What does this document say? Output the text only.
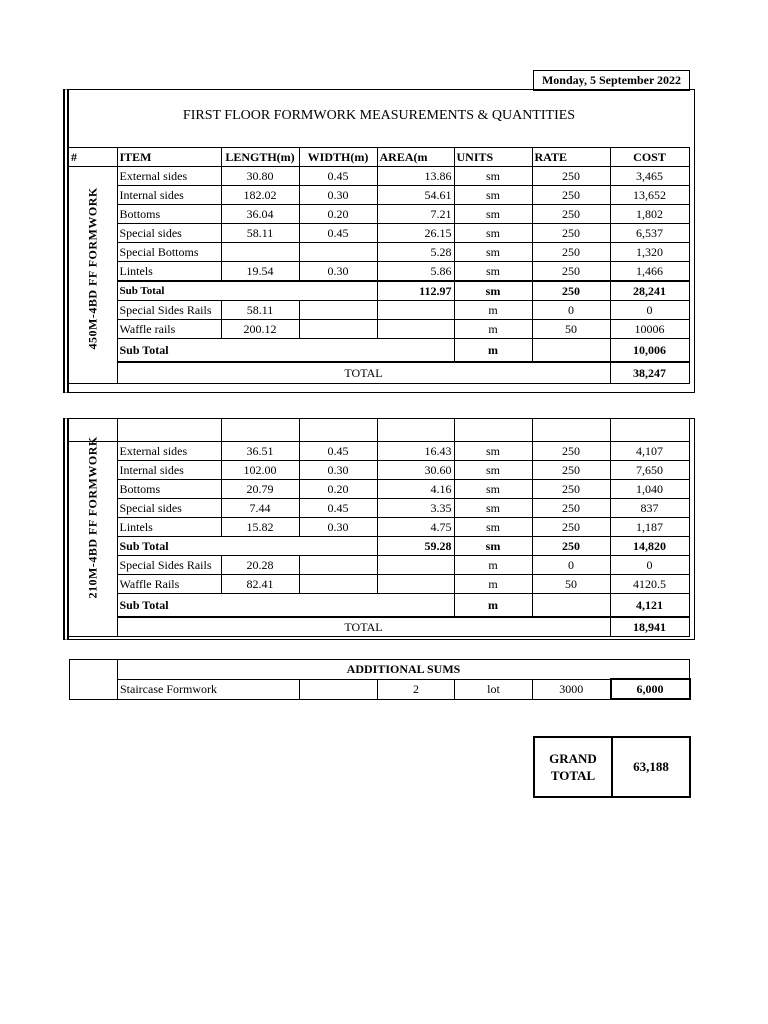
Monday, 5 September 2022
FIRST FLOOR FORMWORK MEASUREMENTS & QUANTITIES
#	ITEM	LENGTH(m)	WIDTH(m)	AREA(m	UNITS	RATE	COST
	External sides	30.80	0.45	13.86	sm	250	3,465
	Internal sides	182.02	0.30	54.61	sm	250	13,652
	Bottoms	36.04	0.20	7.21	sm	250	1,802
	Special sides	58.11	0.45	26.15	sm	250	6,537
	Special Bottoms			5.28	sm	250	1,320
	Lintels	19.54	0.30	5.86	sm	250	1,466
	Sub Total			112.97	sm	250	28,241
	Special Sides Rails	58.11			m	0	0
	Waffle rails	200.12			m	50	10006
	Sub Total				m		10,006
	TOTAL						38,247
450M-4BD FF FORMWORK

	External sides	36.51	0.45	16.43	sm	250	4,107
	Internal sides	102.00	0.30	30.60	sm	250	7,650
	Bottoms	20.79	0.20	4.16	sm	250	1,040
	Special sides	7.44	0.45	3.35	sm	250	837
	Lintels	15.82	0.30	4.75	sm	250	1,187
	Sub Total			59.28	sm	250	14,820
	Special Sides Rails	20.28			m	0	0
	Waffle Rails	82.41			m	50	4120.5
	Sub Total				m		4,121
	TOTAL						18,941
210M-4BD FF FORMWORK
	ADDITIONAL SUMS					
	Staircase Formwork		2	lot	3000	6,000
GRAND
TOTAL
63,188
